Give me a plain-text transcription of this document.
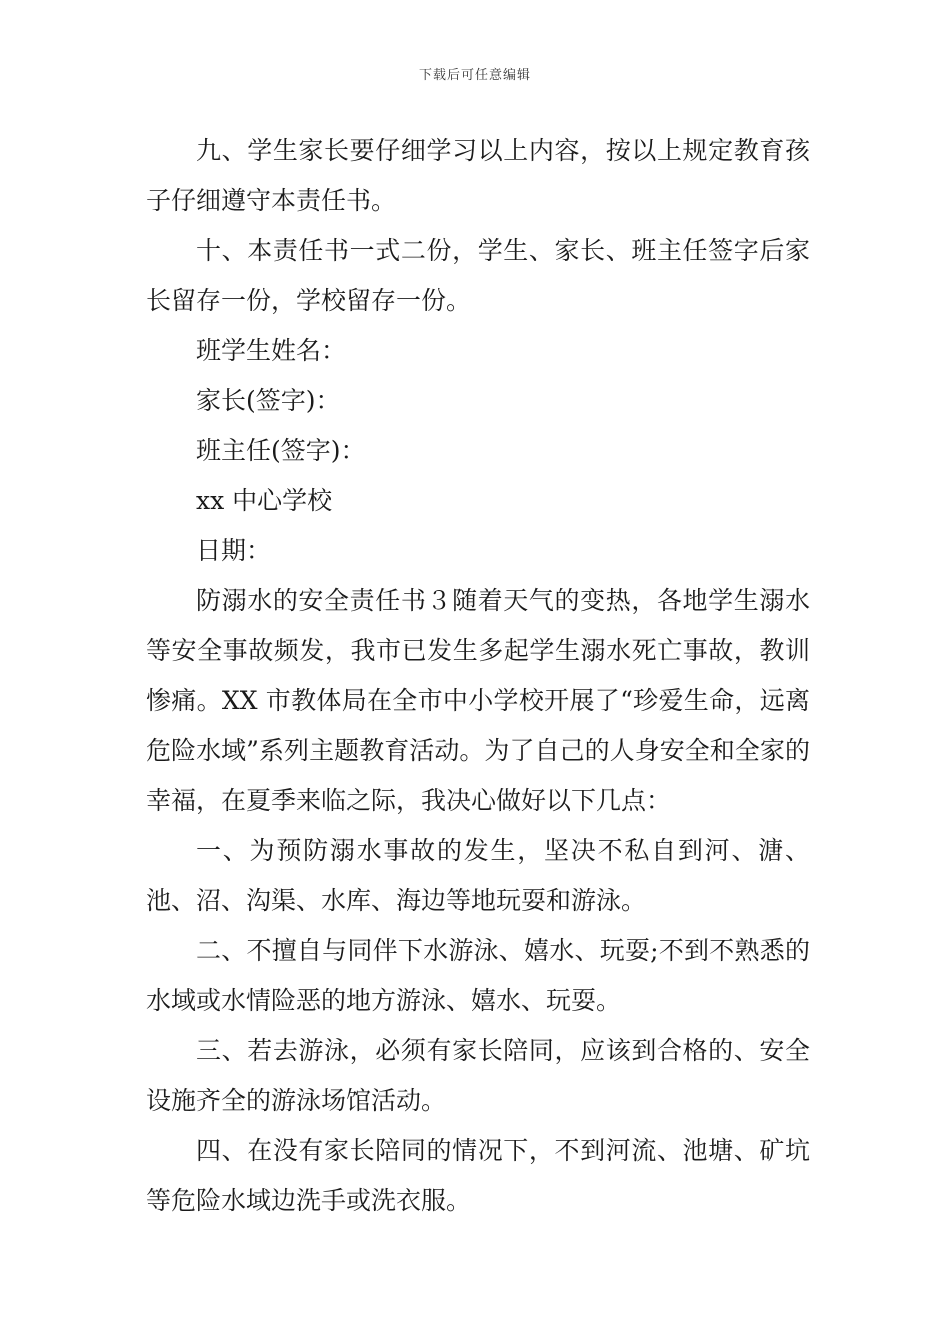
下载后可任意编辑

九、学生家长要仔细学习以上内容，按以上规定教育孩子仔细遵守本责任书。

十、本责任书一式二份，学生、家长、班主任签字后家长留存一份，学校留存一份。

班学生姓名：

家长(签字)：

班主任(签字)：

xx 中心学校

日期：

防溺水的安全责任书３随着天气的变热，各地学生溺水等安全事故频发，我市已发生多起学生溺水死亡事故，教训惨痛。XX 市教体局在全市中小学校开展了“珍爱生命，远离危险水域”系列主题教育活动。为了自己的人身安全和全家的幸福，在夏季来临之际，我决心做好以下几点：

一、为预防溺水事故的发生，坚决不私自到河、溏、池、沼、沟渠、水库、海边等地玩耍和游泳。

二、不擅自与同伴下水游泳、嬉水、玩耍;不到不熟悉的水域或水情险恶的地方游泳、嬉水、玩耍。

三、若去游泳，必须有家长陪同，应该到合格的、安全设施齐全的游泳场馆活动。

四、在没有家长陪同的情况下，不到河流、池塘、矿坑等危险水域边洗手或洗衣服。
